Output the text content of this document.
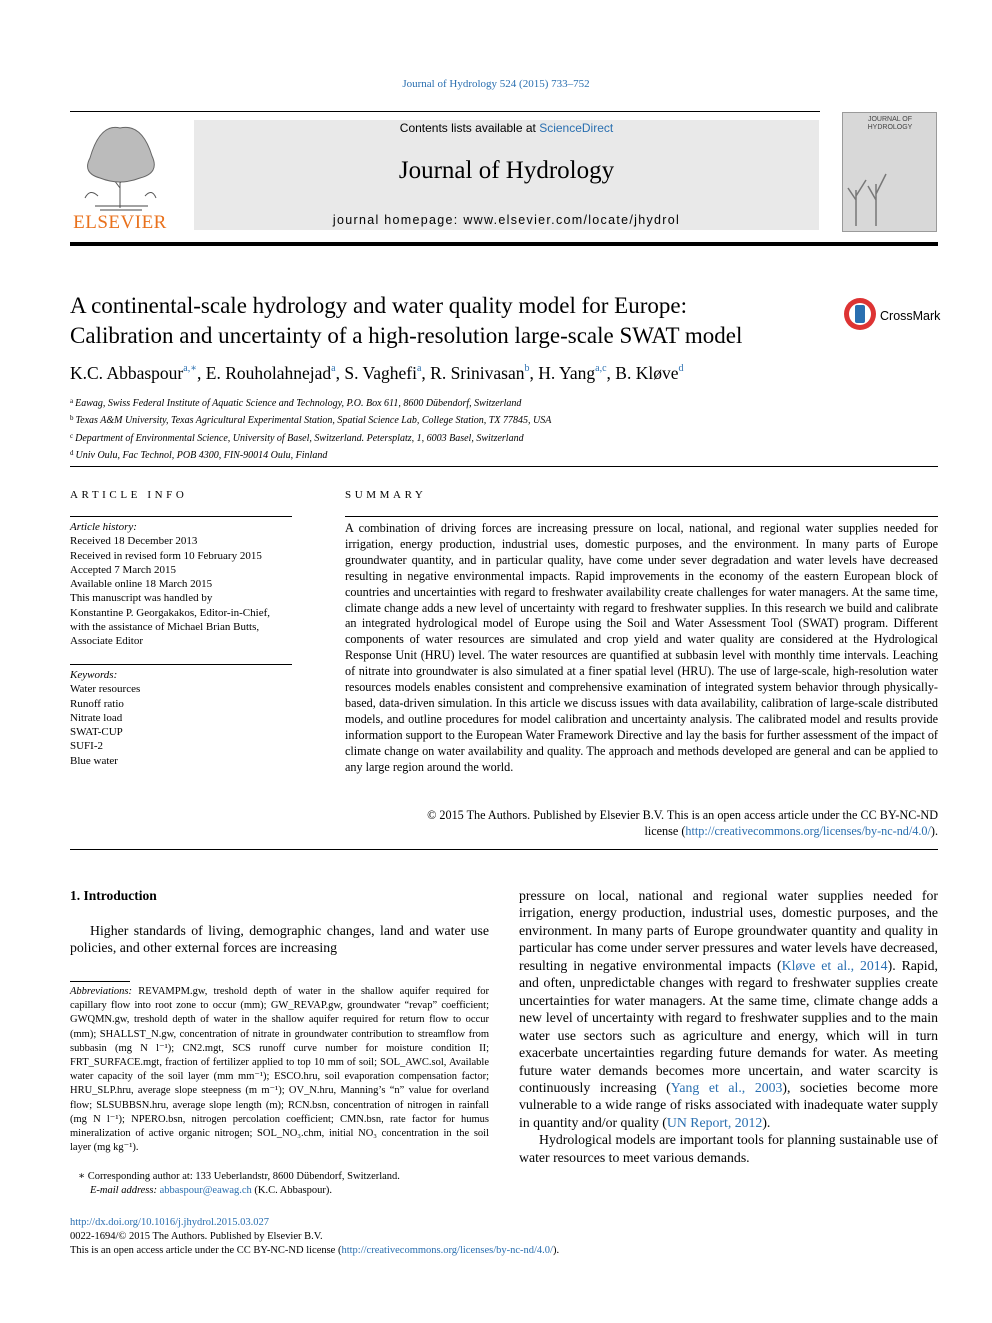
Journal of Hydrology 524 (2015) 733–752
ELSEVIER
Contents lists available at ScienceDirect
Journal of Hydrology
journal homepage: www.elsevier.com/locate/jhydrol
JOURNAL OF HYDROLOGY
A continental-scale hydrology and water quality model for Europe:
Calibration and uncertainty of a high-resolution large-scale SWAT model
CrossMark
K.C. Abbaspour$^{a,∗}$, E. Rouholahnejad$^a$, S. Vaghefi$^a$, R. Srinivasan$^b$, H. Yang$^{a,c}$, B. Kløve$^d$
$^a$ Eawag, Swiss Federal Institute of Aquatic Science and Technology, P.O. Box 611, 8600 Dübendorf, Switzerland
$^b$ Texas A&M University, Texas Agricultural Experimental Station, Spatial Science Lab, College Station, TX 77845, USA
$^c$ Department of Environmental Science, University of Basel, Switzerland. Petersplatz, 1, 6003 Basel, Switzerland
$^d$ Univ Oulu, Fac Technol, POB 4300, FIN-90014 Oulu, Finland
ARTICLE INFO
Article history:
Received 18 December 2013
Received in revised form 10 February 2015
Accepted 7 March 2015
Available online 18 March 2015
This manuscript was handled by
Konstantine P. Georgakakos, Editor-in-Chief,
with the assistance of Michael Brian Butts,
Associate Editor
Keywords:
Water resources
Runoff ratio
Nitrate load
SWAT-CUP
SUFI-2
Blue water
SUMMARY
A combination of driving forces are increasing pressure on local, national, and regional water supplies needed for irrigation, energy production, industrial uses, domestic purposes, and the environment. In many parts of Europe groundwater quantity, and in particular quality, have come under sever degradation and water levels have decreased resulting in negative environmental impacts. Rapid improvements in the economy of the eastern European block of countries and uncertainties with regard to freshwater availability create challenges for water managers. At the same time, climate change adds a new level of uncertainty with regard to freshwater supplies. In this research we build and calibrate an integrated hydrological model of Europe using the Soil and Water Assessment Tool (SWAT) program. Different components of water resources are simulated and crop yield and water quality are considered at the Hydrological Response Unit (HRU) level. The water resources are quantified at subbasin level with monthly time intervals. Leaching of nitrate into groundwater is also simulated at a finer spatial level (HRU). The use of large-scale, high-resolution water resources models enables consistent and comprehensive examination of integrated system behavior through physically-based, data-driven simulation. In this article we discuss issues with data availability, calibration of large-scale distributed models, and outline procedures for model calibration and uncertainty analysis. The calibrated model and results provide information support to the European Water Framework Directive and lay the basis for further assessment of the impact of climate change on water availability and quality. The approach and methods developed are general and can be applied to any large region around the world.
© 2015 The Authors. Published by Elsevier B.V. This is an open access article under the CC BY-NC-ND
license (http://creativecommons.org/licenses/by-nc-nd/4.0/).
1. Introduction
Higher standards of living, demographic changes, land and water use policies, and other external forces are increasing

pressure on local, national and regional water supplies needed for irrigation, energy production, industrial uses, domestic purposes, and the environment. In many parts of Europe groundwater quantity and quality in particular has come under server pressures and water levels have decreased, resulting in negative environmental impacts (Kløve et al., 2014). Rapid, and often, unpredictable changes with regard to freshwater supplies create uncertainties for water managers. At the same time, climate change adds a new level of uncertainty with regard to freshwater supplies and to the main water use sectors such as agriculture and energy, which will in turn exacerbate uncertainties regarding future demands for water. As meeting future water demands becomes more uncertain, and water scarcity is continuously increasing (Yang et al., 2003), societies become more vulnerable to a wide range of risks associated with inadequate water supply in quantity and/or quality (UN Report, 2012).

Hydrological models are important tools for planning sustainable use of water resources to meet various demands.

Abbreviations: REVAMPM.gw, treshold depth of water in the shallow aquifer required for capillary flow into root zone to occur (mm); GW_REVAP.gw, groundwater “revap” coefficient; GWQMN.gw, treshold depth of water in the shallow aquifer required for return flow to occur (mm); SHALLST_N.gw, concentration of nitrate in groundwater contribution to streamflow from subbasin (mg N l⁻¹); CN2.mgt, SCS runoff curve number for moisture condition II; FRT_SURFACE.mgt, fraction of fertilizer applied to top 10 mm of soil; SOL_AWC.sol, Available water capacity of the soil layer (mm mm⁻¹); ESCO.hru, soil evaporation compensation factor; HRU_SLP.hru, average slope steepness (m m⁻¹); OV_N.hru, Manning’s “n” value for overland flow; SLSUBBSN.hru, average slope length (m); RCN.bsn, concentration of nitrogen in rainfall (mg N l⁻¹); NPERO.bsn, nitrogen percolation coefficient; CMN.bsn, rate factor for humus mineralization of active organic nitrogen; SOL_NO₃.chm, initial NO₃ concentration in the soil layer (mg kg⁻¹).
∗ Corresponding author at: 133 Ueberlandstr, 8600 Dübendorf, Switzerland.
E-mail address: abbaspour@eawag.ch (K.C. Abbaspour).
http://dx.doi.org/10.1016/j.jhydrol.2015.03.027
0022-1694/© 2015 The Authors. Published by Elsevier B.V.
This is an open access article under the CC BY-NC-ND license (http://creativecommons.org/licenses/by-nc-nd/4.0/).
